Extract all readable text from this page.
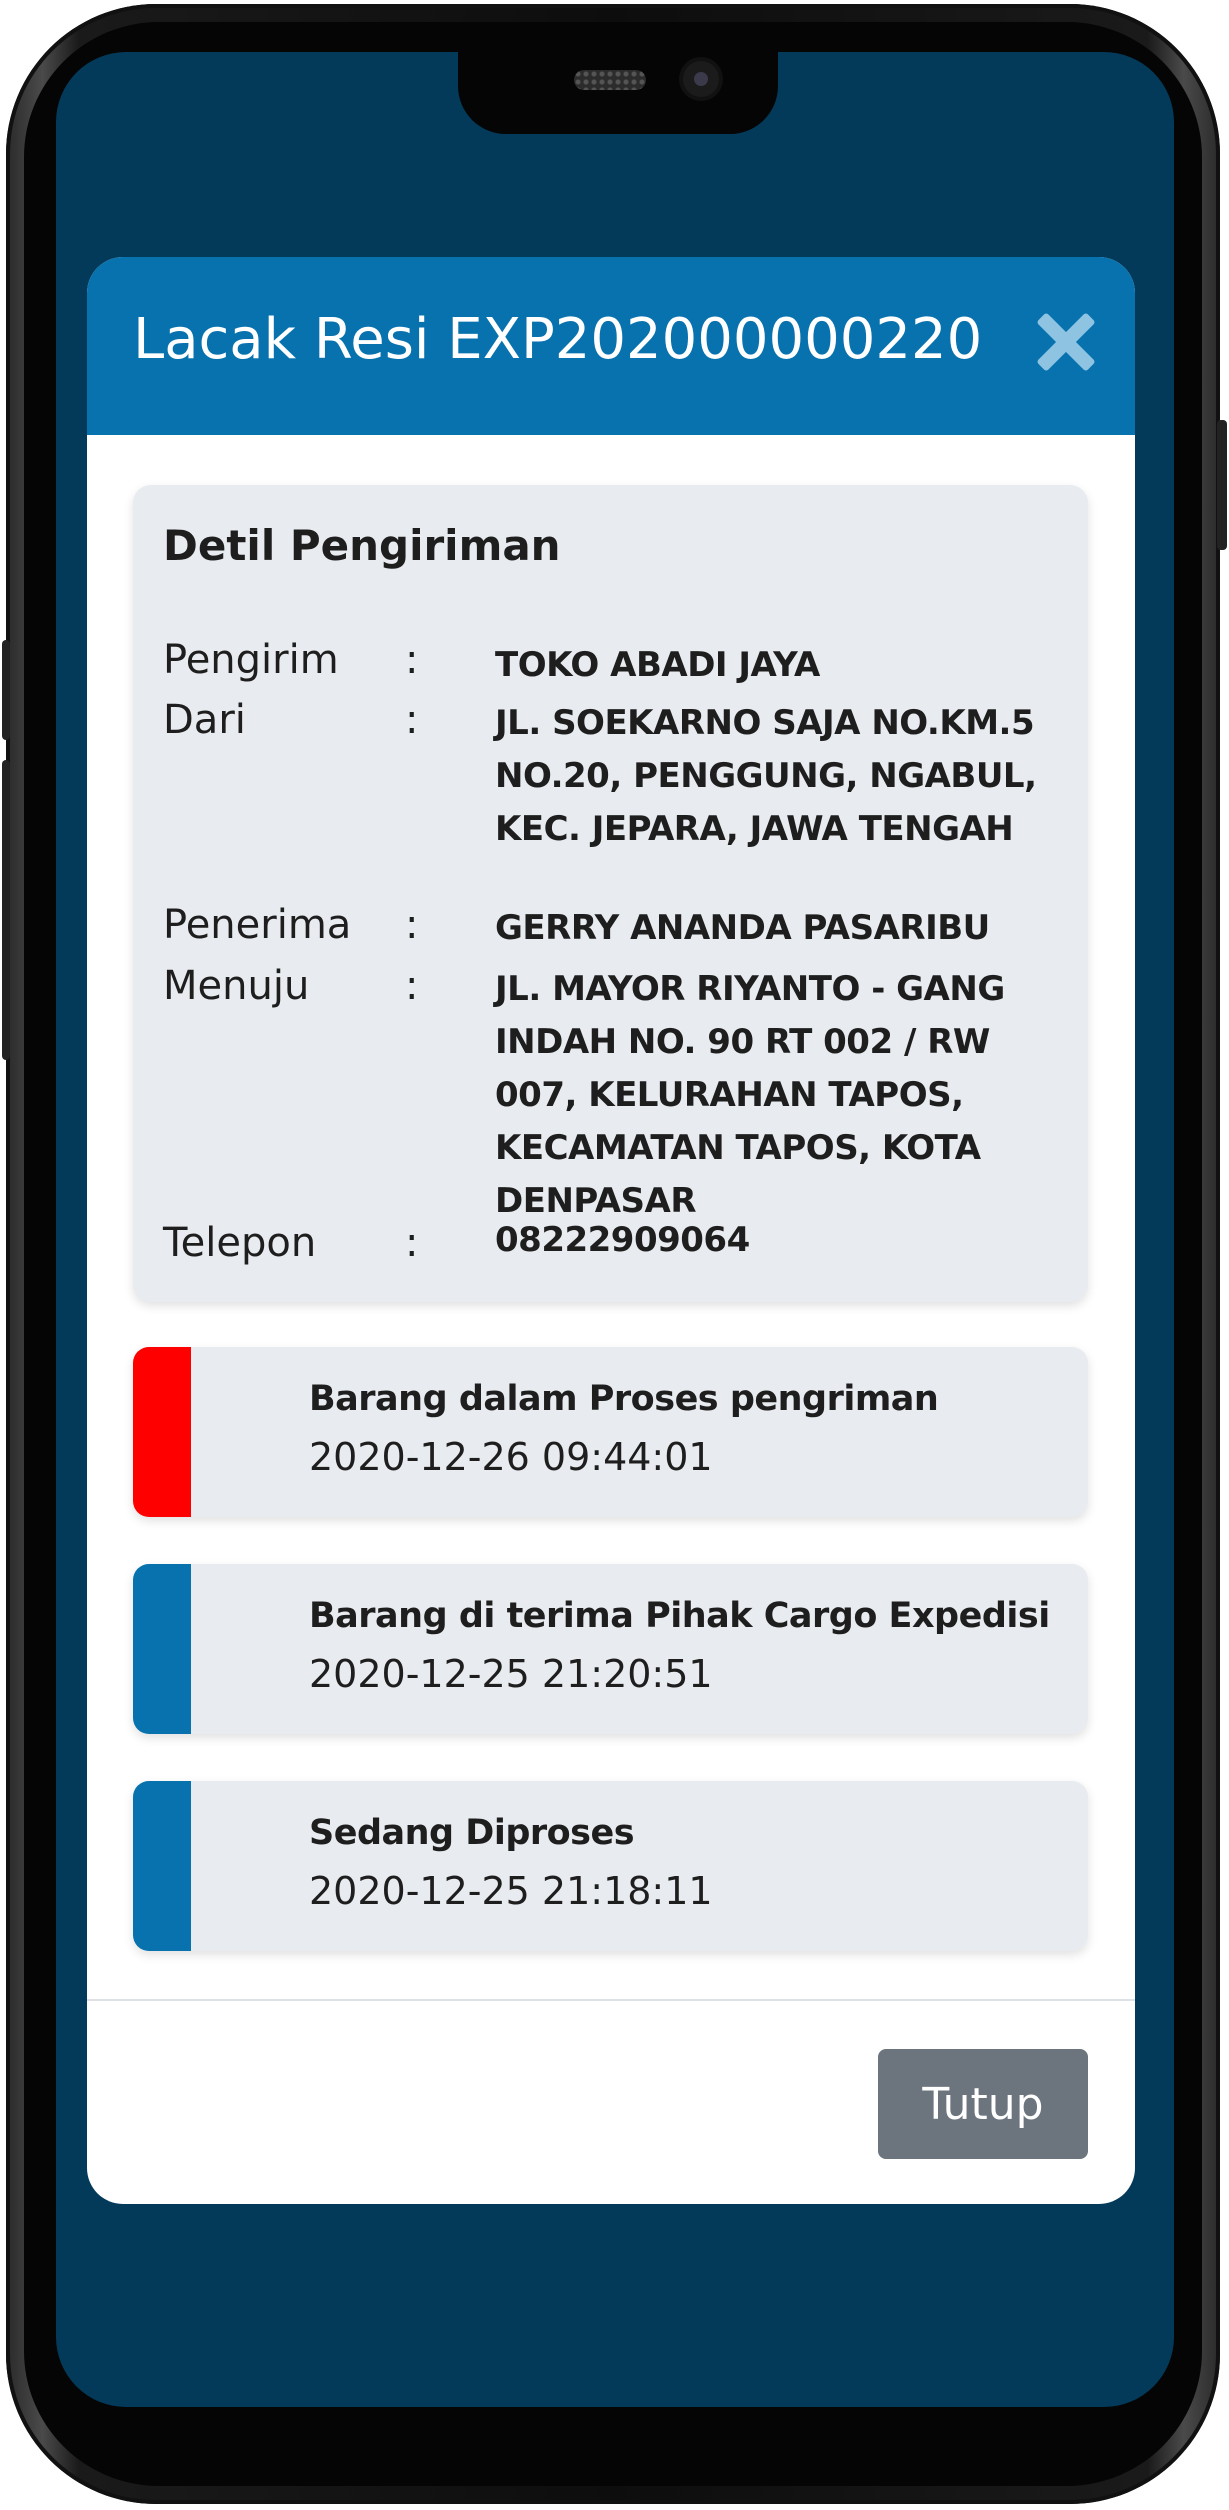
Lacak Resi EXP202000000220
Detil Pengiriman
Pengirim : TOKO ABADI JAYA
Dari	: JL. SOEKARNO SAJA NO.KM.5 NO.20, PENGGUNG, NGABUL, KEC. JEPARA, JAWA TENGAH
Penerima : GERRY ANANDA PASARIBU
Menuju : JL. MAYOR RIYANTO - GANG INDAH NO. 90 RT 002 / RW 007, KELURAHAN TAPOS, KECAMATAN TAPOS, KOTA DENPASAR
Telepon : 08222909064
Barang dalam Proses pengriman
2020-12-26 09:44:01
Barang di terima Pihak Cargo Expedisi
2020-12-25 21:20:51
Sedang Diproses
2020-12-25 21:18:11
Tutup
